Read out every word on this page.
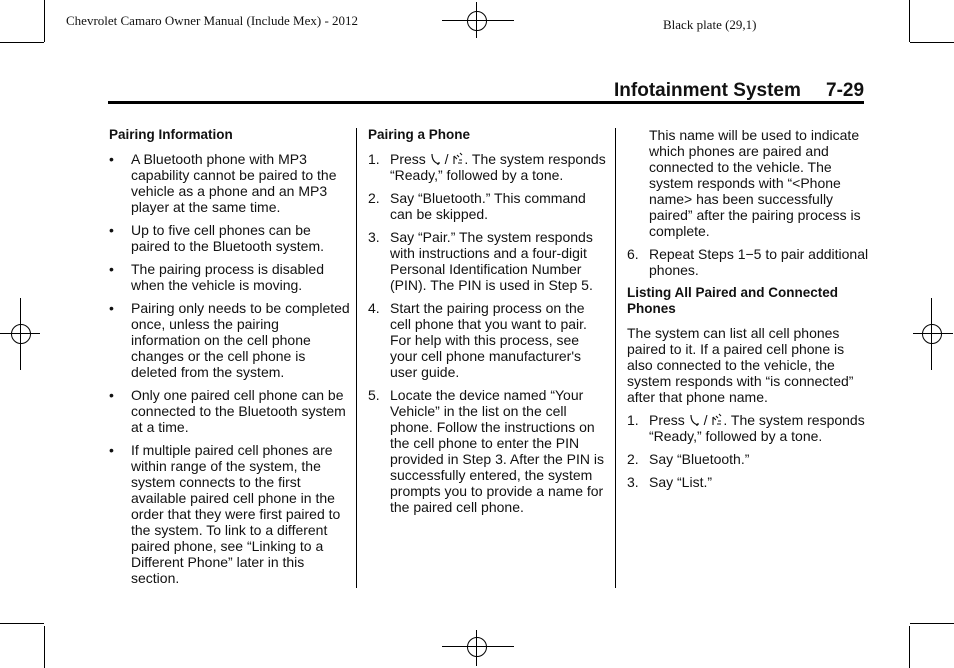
Chevrolet Camaro Owner Manual (Include Mex) - 2012	Black plate (29,1)
Infotainment System 7-29
Pairing Information
• A Bluetooth phone with MP3 capability cannot be paired to the vehicle as a phone and an MP3 player at the same time.
• Up to five cell phones can be paired to the Bluetooth system.
• The pairing process is disabled when the vehicle is moving.
• Pairing only needs to be completed once, unless the pairing information on the cell phone changes or the cell phone is deleted from the system.
• Only one paired cell phone can be connected to the Bluetooth system at a time.
• If multiple paired cell phones are within range of the system, the system connects to the first available paired cell phone in the order that they were first paired to the system. To link to a different paired phone, see “Linking to a Different Phone” later in this section.
Pairing a Phone
1. Press / . The system responds “Ready,” followed by a tone.
2. Say “Bluetooth.” This command can be skipped.
3. Say “Pair.” The system responds with instructions and a four-digit Personal Identification Number (PIN). The PIN is used in Step 5.
4. Start the pairing process on the cell phone that you want to pair. For help with this process, see your cell phone manufacturer's user guide.
5. Locate the device named “Your Vehicle” in the list on the cell phone. Follow the instructions on the cell phone to enter the PIN provided in Step 3. After the PIN is successfully entered, the system prompts you to provide a name for the paired cell phone.
This name will be used to indicate which phones are paired and connected to the vehicle. The system responds with “<Phone name> has been successfully paired” after the pairing process is complete.
6. Repeat Steps 1−5 to pair additional phones.
Listing All Paired and Connected Phones

The system can list all cell phones paired to it. If a paired cell phone is also connected to the vehicle, the system responds with “is connected” after that phone name.

1. Press / . The system responds “Ready,” followed by a tone.
2. Say “Bluetooth.”
3. Say “List.”
